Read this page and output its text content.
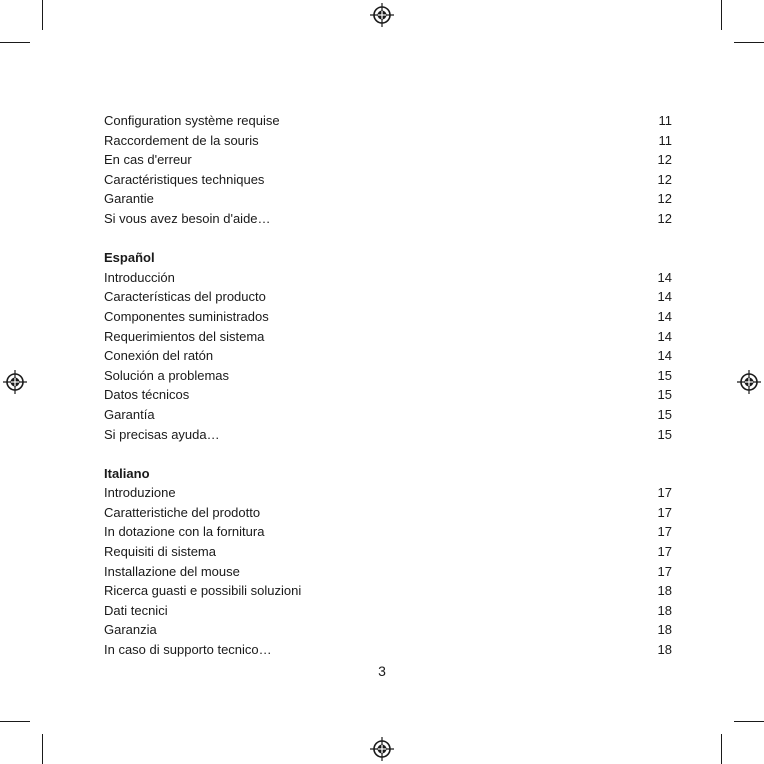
Configuration système requise	11
Raccordement de la souris	11
En cas d'erreur	12
Caractéristiques techniques	12
Garantie	12
Si vous avez besoin d'aide…	12
Español
Introducción	14
Características del producto	14
Componentes suministrados	14
Requerimientos del sistema	14
Conexión del ratón	14
Solución a problemas	15
Datos técnicos	15
Garantía	15
Si precisas ayuda…	15
Italiano
Introduzione	17
Caratteristiche del prodotto	17
In dotazione con la fornitura	17
Requisiti di sistema	17
Installazione del mouse	17
Ricerca guasti e possibili soluzioni	18
Dati tecnici	18
Garanzia	18
In caso di supporto tecnico…	18
3
